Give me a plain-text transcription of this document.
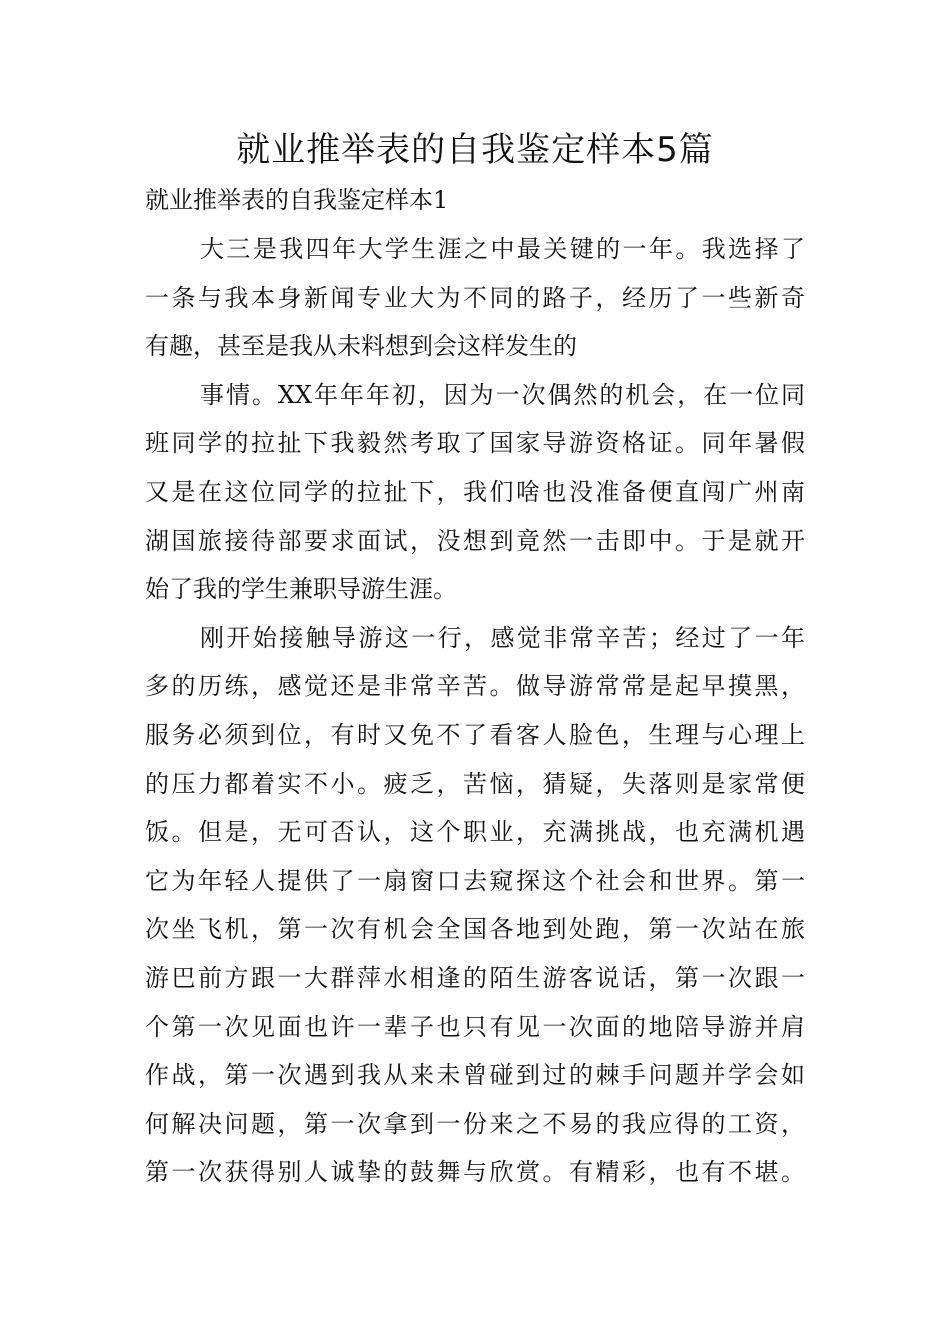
就业推举表的自我鉴定样本5篇

就业推举表的自我鉴定样本1

大三是我四年大学生涯之中最关键的一年。我选择了
一条与我本身新闻专业大为不同的路子，经历了一些新奇
有趣，甚至是我从未料想到会这样发生的
事情。XX年年年初，因为一次偶然的机会，在一位同
班同学的拉扯下我毅然考取了国家导游资格证。同年暑假
又是在这位同学的拉扯下，我们啥也没准备便直闯广州南
湖国旅接待部要求面试，没想到竟然一击即中。于是就开
始了我的学生兼职导游生涯。
刚开始接触导游这一行，感觉非常辛苦；经过了一年
多的历练，感觉还是非常辛苦。做导游常常是起早摸黑，
服务必须到位，有时又免不了看客人脸色，生理与心理上
的压力都着实不小。疲乏，苦恼，猜疑，失落则是家常便
饭。但是，无可否认，这个职业，充满挑战，也充满机遇
它为年轻人提供了一扇窗口去窥探这个社会和世界。第一
次坐飞机，第一次有机会全国各地到处跑，第一次站在旅
游巴前方跟一大群萍水相逢的陌生游客说话，第一次跟一
个第一次见面也许一辈子也只有见一次面的地陪导游并肩
作战，第一次遇到我从来未曾碰到过的棘手问题并学会如
何解决问题，第一次拿到一份来之不易的我应得的工资，
第一次获得别人诚挚的鼓舞与欣赏。有精彩，也有不堪。
